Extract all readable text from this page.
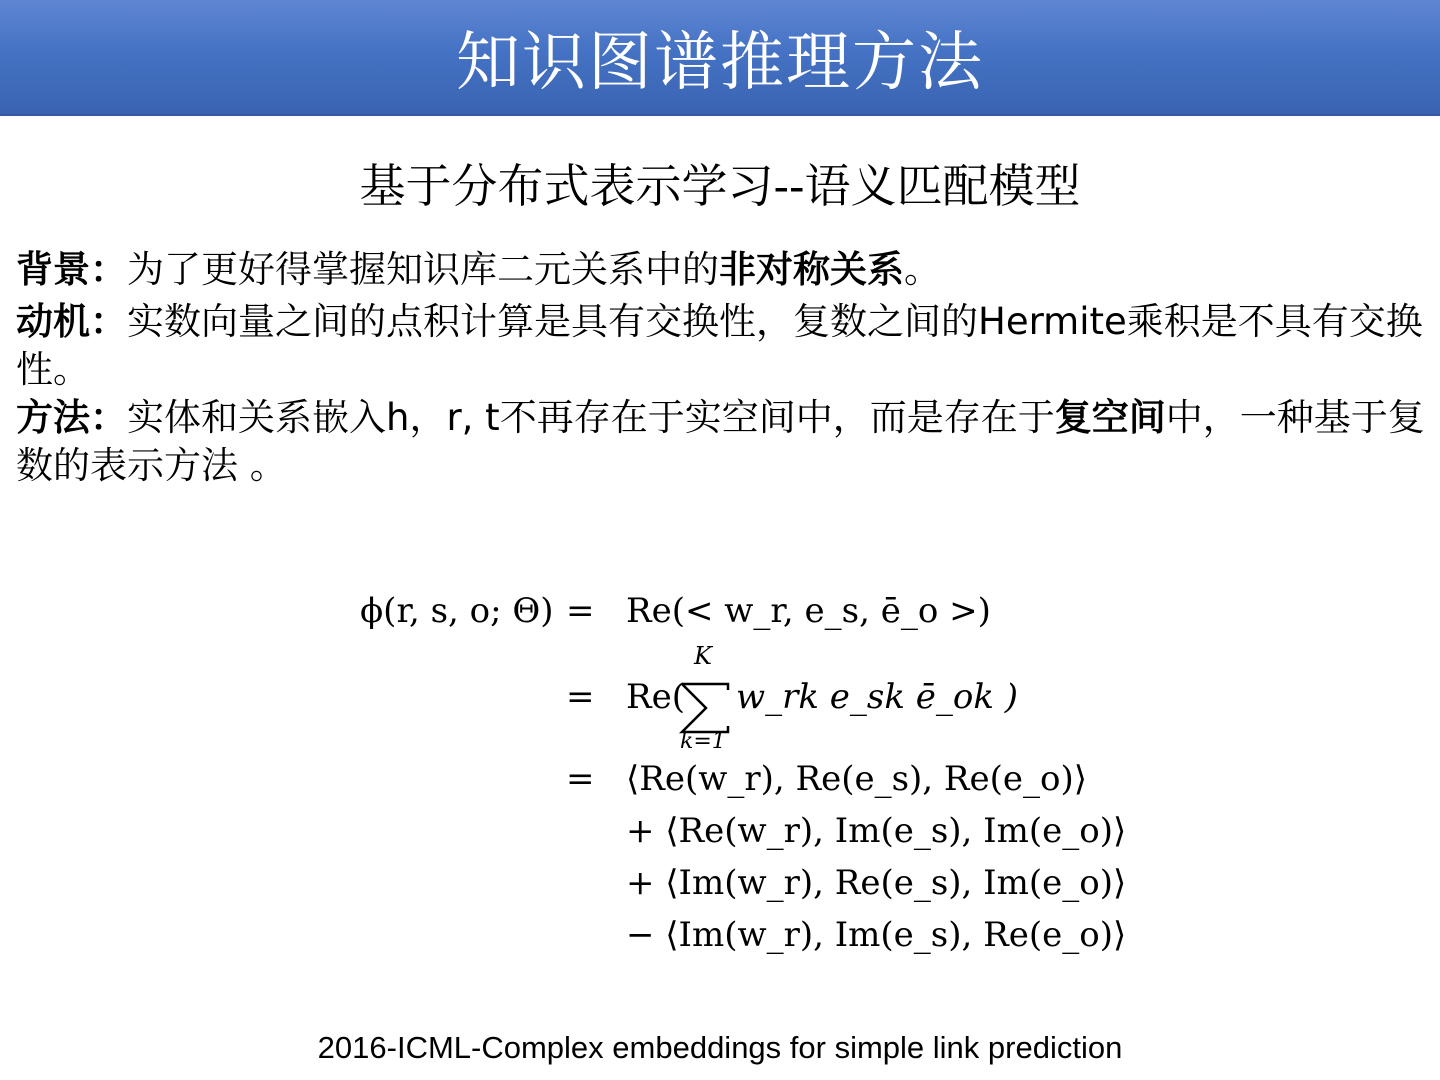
知识图谱推理方法
基于分布式表示学习--语义匹配模型
背景：为了更好得掌握知识库二元关系中的非对称关系。
动机：实数向量之间的点积计算是具有交换性，复数之间的Hermite乘积是不具有交换性。
方法：实体和关系嵌入h，r, t不再存在于实空间中，而是存在于复空间中，一种基于复数的表示方法 。
ϕ(r, s, o; Θ) = Re(< w_r, e_s, ē_o >)
= Re(
K
k=1
w_rk e_sk ē_ok )
= ⟨Re(w_r), Re(e_s), Re(e_o)⟩
+ ⟨Re(w_r), Im(e_s), Im(e_o)⟩
+ ⟨Im(w_r), Re(e_s), Im(e_o)⟩
− ⟨Im(w_r), Im(e_s), Re(e_o)⟩
2016-ICML-Complex embeddings for simple link prediction
